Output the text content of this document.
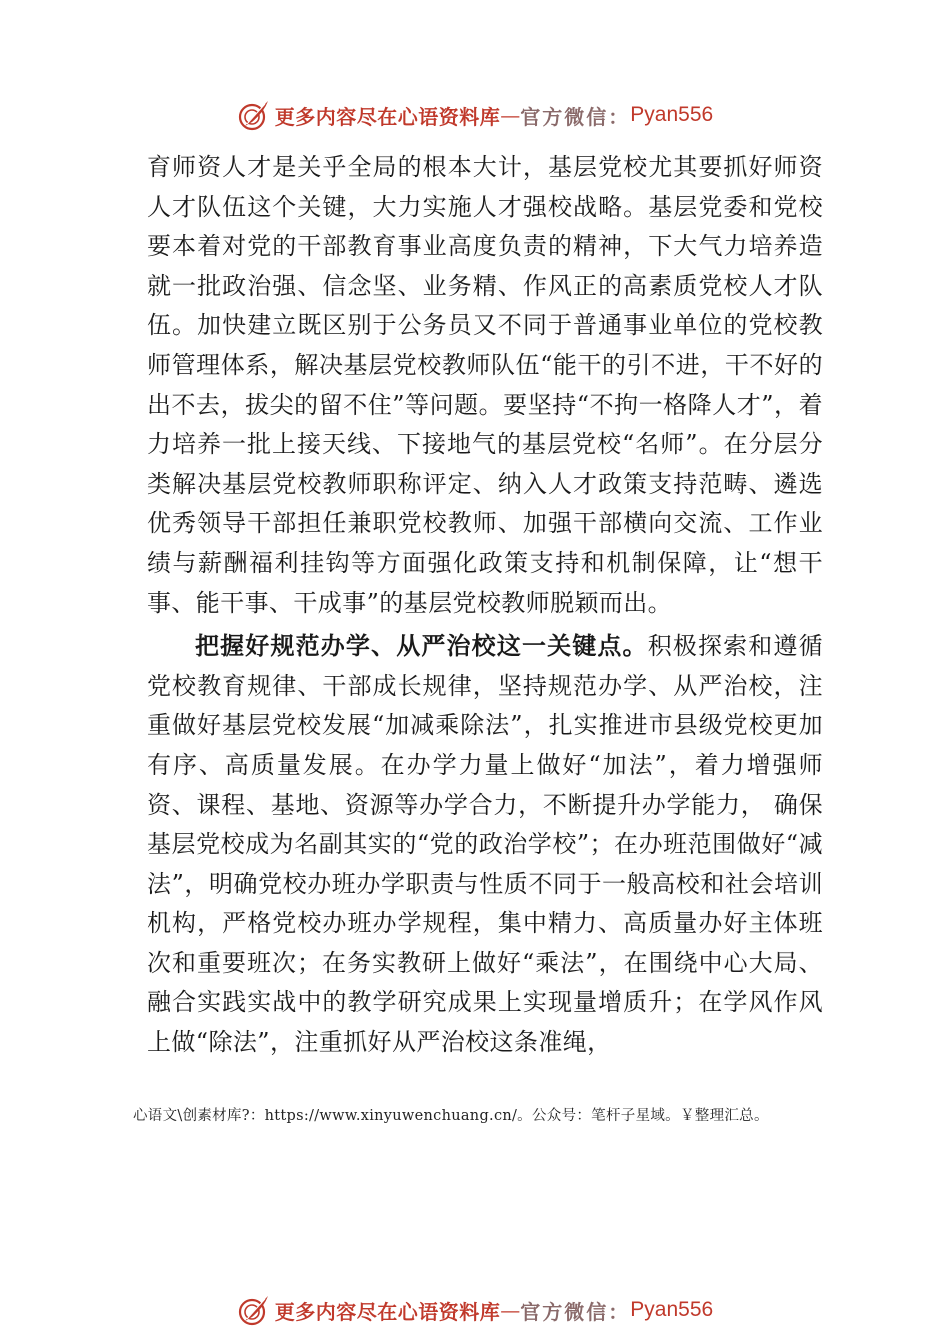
更多内容尽在心语资料库 — 官方微信： Pyan556

育师资人才是关乎全局的根本大计，基层党校尤其要抓好师资人才队伍这个关键，大力实施人才强校战略。基层党委和党校要本着对党的干部教育事业高度负责的精神，下大气力培养造就一批政治强、信念坚、业务精、作风正的高素质党校人才队伍。加快建立既区别于公务员又不同于普通事业单位的党校教师管理体系，解决基层党校教师队伍“能干的引不进，干不好的出不去，拔尖的留不住”等问题。要坚持“不拘一格降人才”，着力培养一批上接天线、下接地气的基层党校“名师”。在分层分类解决基层党校教师职称评定、纳入人才政策支持范畴、遴选优秀领导干部担任兼职党校教师、加强干部横向交流、工作业绩与薪酬福利挂钩等方面强化政策支持和机制保障，让“想干事、能干事、干成事”的基层党校教师脱颖而出。

把握好规范办学、从严治校这一关键点。积极探索和遵循党校教育规律、干部成长规律，坚持规范办学、从严治校，注重做好基层党校发展“加减乘除法”，扎实推进市县级党校更加有序、高质量发展。在办学力量上做好“加法”，着力增强师资、课程、基地、资源等办学合力，不断提升办学能力， 确保基层党校成为名副其实的“党的政治学校”；在办班范围做好“减法”，明确党校办班办学职责与性质不同于一般高校和社会培训机构，严格党校办班办学规程，集中精力、高质量办好主体班次和重要班次；在务实教研上做好“乘法”，在围绕中心大局、融合实践实战中的教学研究成果上实现量增质升；在学风作风上做“除法”，注重抓好从严治校这条准绳，

心语文\创素材库?：https://www.xinyuwenchuang.cn/。公众号：笔杆子星域。￥整理汇总。
更多内容尽在心语资料库 — 官方微信： Pyan556
